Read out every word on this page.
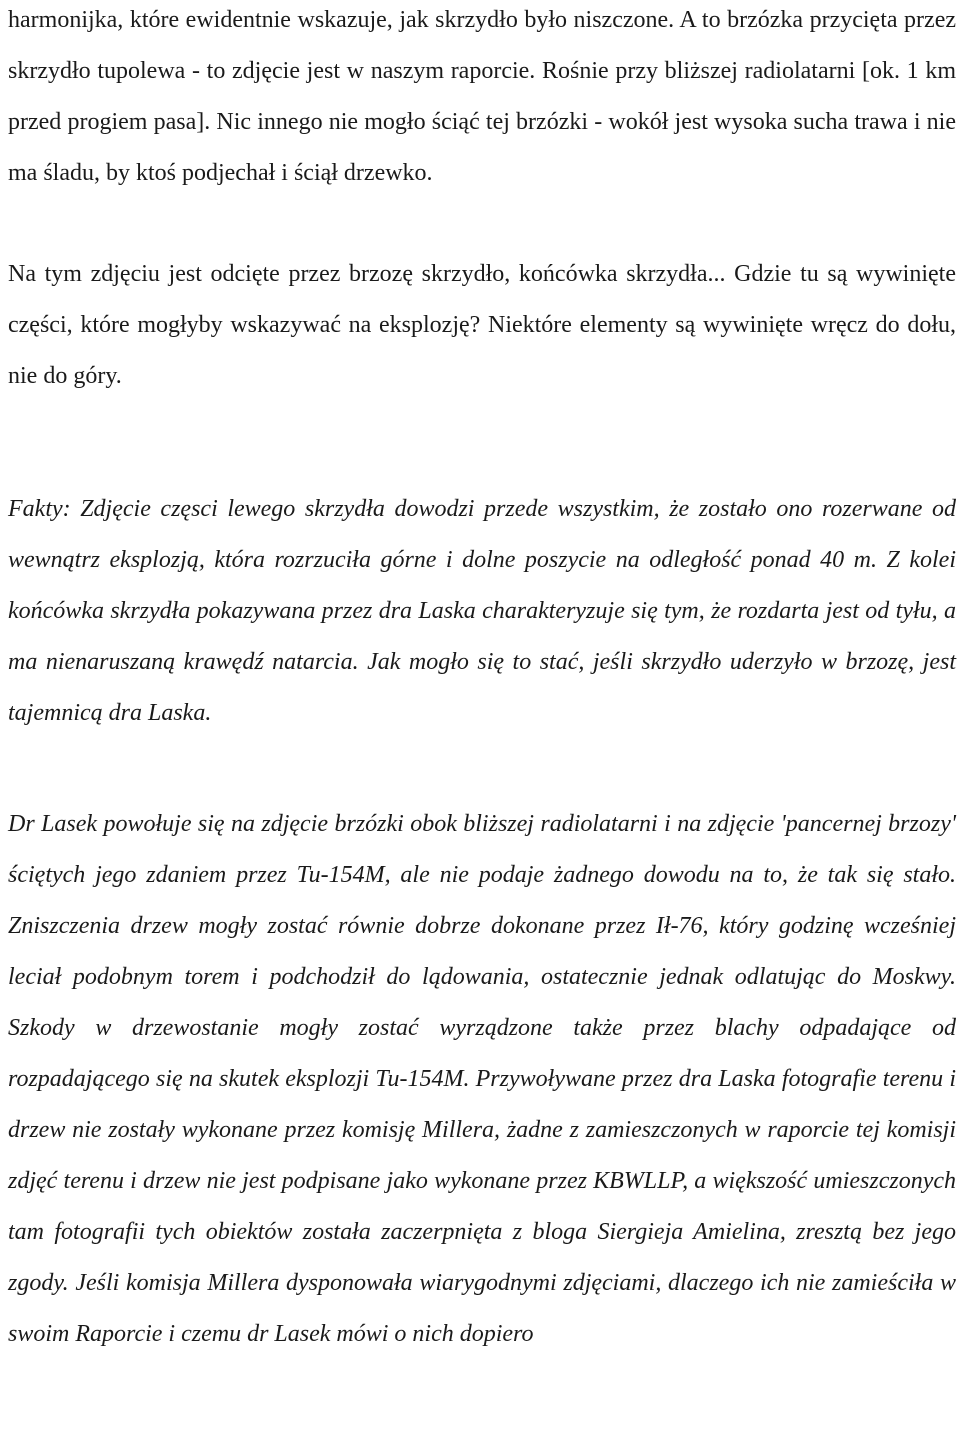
harmonijka, które ewidentnie wskazuje, jak skrzydło było niszczone. A to brzózka przycięta przez skrzydło tupolewa - to zdjęcie jest w naszym raporcie. Rośnie przy bliższej radiolatarni [ok. 1 km przed progiem pasa]. Nic innego nie mogło ściąć tej brzózki - wokół jest wysoka sucha trawa i nie ma śladu, by ktoś podjechał i ściął drzewko.

Na tym zdjęciu jest odcięte przez brzozę skrzydło, końcówka skrzydła... Gdzie tu są wywinięte części, które mogłyby wskazywać na eksplozję? Niektóre elementy są wywinięte wręcz do dołu, nie do góry.

Fakty: Zdjęcie częsci lewego skrzydła dowodzi przede wszystkim, że zostało ono rozerwane od wewnątrz eksplozją, która rozrzuciła górne i dolne poszycie na odległość ponad 40 m. Z kolei końcówka skrzydła pokazywana przez dra Laska charakteryzuje się tym, że rozdarta jest od tyłu, a ma nienaruszaną krawędź natarcia. Jak mogło się to stać, jeśli skrzydło uderzyło w brzozę, jest tajemnicą dra Laska.

Dr Lasek powołuje się na zdjęcie brzózki obok bliższej radiolatarni i na zdjęcie 'pancernej brzozy' ściętych jego zdaniem przez Tu-154M, ale nie podaje żadnego dowodu na to, że tak się stało. Zniszczenia drzew mogły zostać równie dobrze dokonane przez Ił-76, który godzinę wcześniej leciał podobnym torem i podchodził do lądowania, ostatecznie jednak odlatując do Moskwy. Szkody w drzewostanie mogły zostać wyrządzone także przez blachy odpadające od rozpadającego się na skutek eksplozji Tu-154M. Przywoływane przez dra Laska fotografie terenu i drzew nie zostały wykonane przez komisję Millera, żadne z zamieszczonych w raporcie tej komisji zdjęć terenu i drzew nie jest podpisane jako wykonane przez KBWLLP, a większość umieszczonych tam fotografii tych obiektów została zaczerpnięta z bloga Siergieja Amielina, zresztą bez jego zgody. Jeśli komisja Millera dysponowała wiarygodnymi zdjęciami, dlaczego ich nie zamieściła w swoim Raporcie i czemu dr Lasek mówi o nich dopiero
